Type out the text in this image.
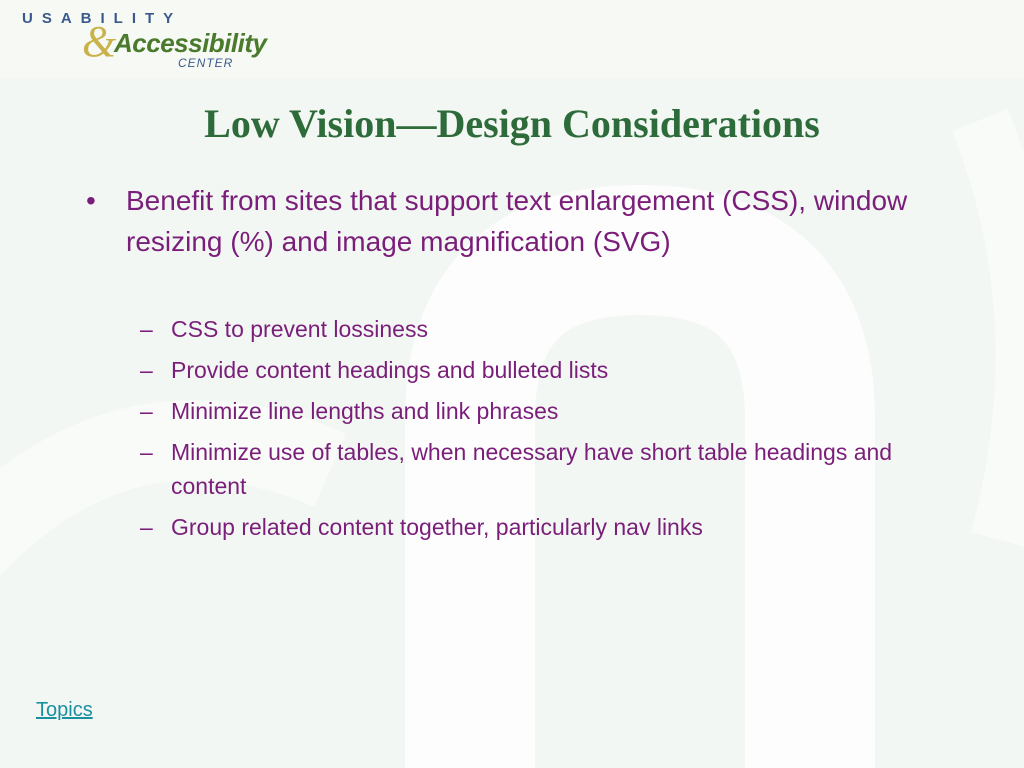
USABILITY
&
Accessibility
CENTER
Low Vision—Design Considerations
• Benefit from sites that support text enlargement (CSS), window resizing (%) and image magnification (SVG)
– CSS to prevent lossiness
– Provide content headings and bulleted lists
– Minimize line lengths and link phrases
– Minimize use of tables, when necessary have short table headings and content
– Group related content together, particularly nav links
Topics
